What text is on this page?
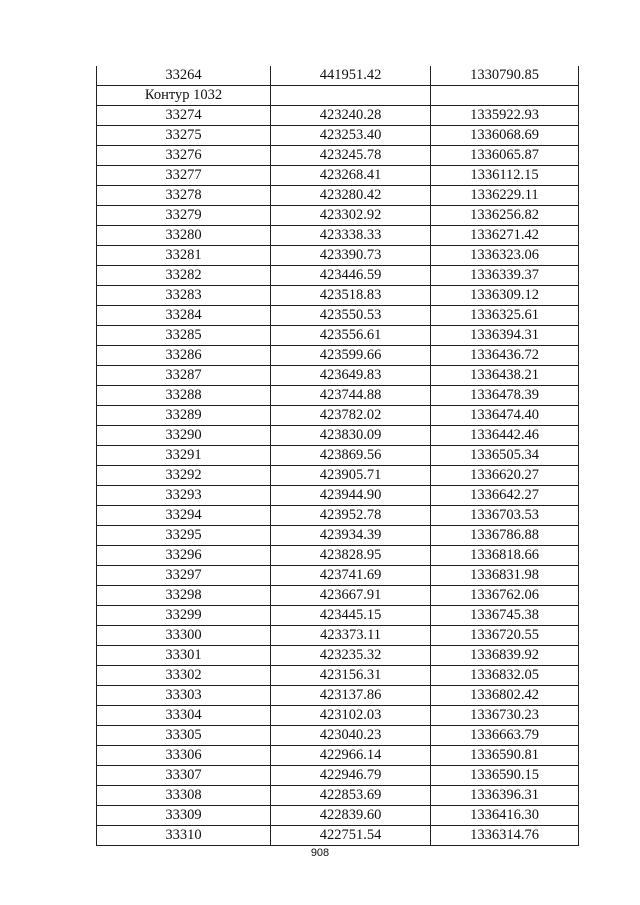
33264	441951.42	1330790.85
Контур 1032		
33274	423240.28	1335922.93
33275	423253.40	1336068.69
33276	423245.78	1336065.87
33277	423268.41	1336112.15
33278	423280.42	1336229.11
33279	423302.92	1336256.82
33280	423338.33	1336271.42
33281	423390.73	1336323.06
33282	423446.59	1336339.37
33283	423518.83	1336309.12
33284	423550.53	1336325.61
33285	423556.61	1336394.31
33286	423599.66	1336436.72
33287	423649.83	1336438.21
33288	423744.88	1336478.39
33289	423782.02	1336474.40
33290	423830.09	1336442.46
33291	423869.56	1336505.34
33292	423905.71	1336620.27
33293	423944.90	1336642.27
33294	423952.78	1336703.53
33295	423934.39	1336786.88
33296	423828.95	1336818.66
33297	423741.69	1336831.98
33298	423667.91	1336762.06
33299	423445.15	1336745.38
33300	423373.11	1336720.55
33301	423235.32	1336839.92
33302	423156.31	1336832.05
33303	423137.86	1336802.42
33304	423102.03	1336730.23
33305	423040.23	1336663.79
33306	422966.14	1336590.81
33307	422946.79	1336590.15
33308	422853.69	1336396.31
33309	422839.60	1336416.30
33310	422751.54	1336314.76
908
